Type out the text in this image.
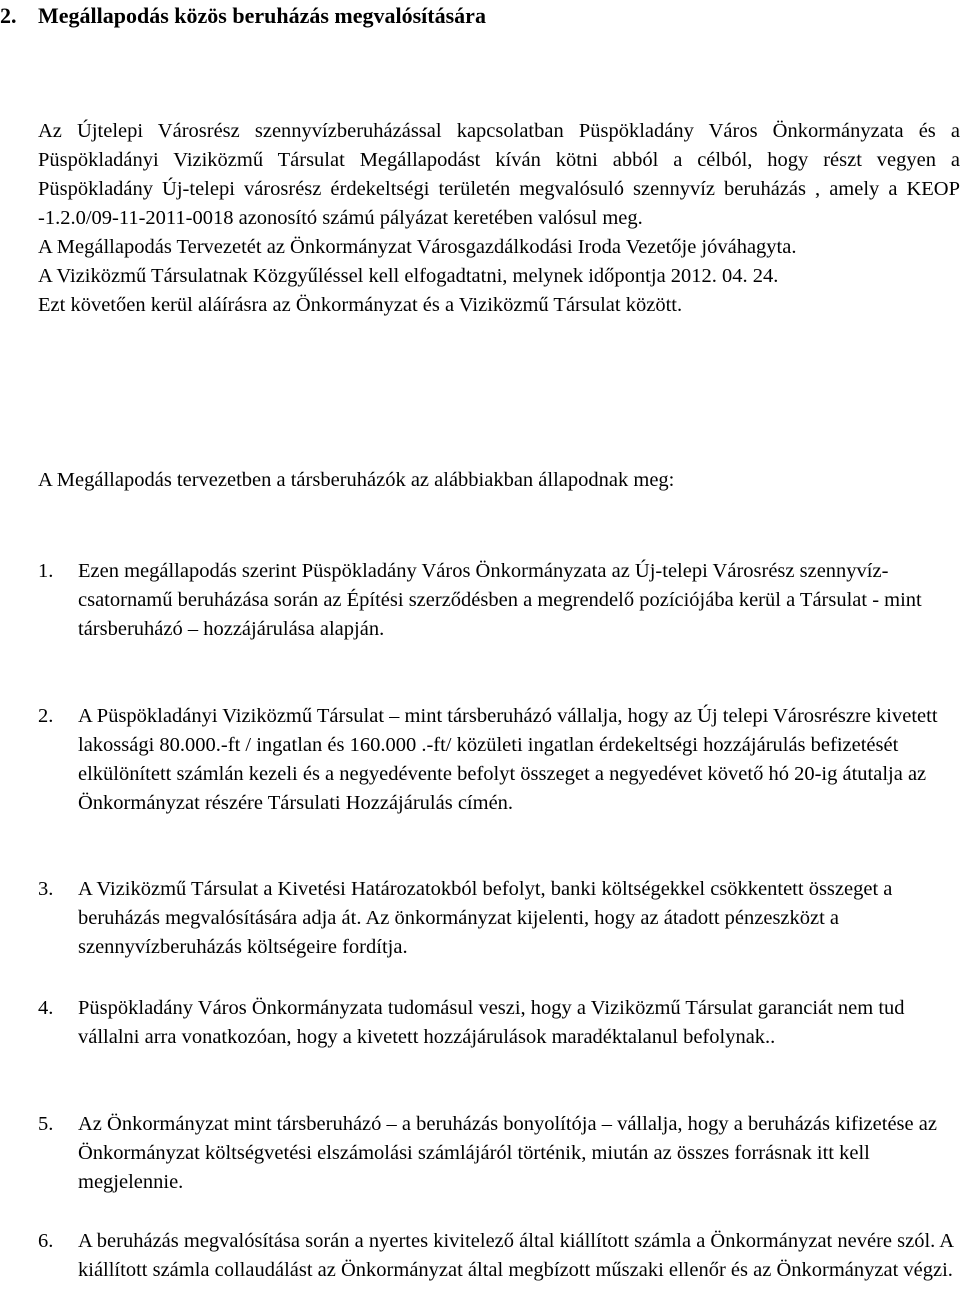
2. Megállapodás közös beruházás megvalósítására

Az Újtelepi Városrész szennyvízberuházással kapcsolatban Püspökladány Város Önkormányzata és a Püspökladányi Viziközmű Társulat Megállapodást kíván kötni abból a célból, hogy részt vegyen a Püspökladány Új-telepi városrész érdekeltségi területén megvalósuló szennyvíz beruházás , amely a KEOP -1.2.0/09-11-2011-0018 azonosító számú pályázat keretében valósul meg.

A Megállapodás Tervezetét az Önkormányzat Városgazdálkodási Iroda Vezetője jóváhagyta.

A Viziközmű Társulatnak Közgyűléssel kell elfogadtatni, melynek időpontja 2012. 04. 24.

Ezt követően kerül aláírásra az Önkormányzat és a Viziközmű Társulat között.

A Megállapodás tervezetben a társberuházók az alábbiakban állapodnak meg:
1. Ezen megállapodás szerint Püspökladány Város Önkormányzata az Új-telepi Városrész szennyvíz-csatornamű beruházása során az Építési szerződésben a megrendelő pozíciójába kerül a Társulat - mint társberuházó – hozzájárulása alapján.
2. A Püspökladányi Viziközmű Társulat – mint társberuházó vállalja, hogy az Új telepi Városrészre kivetett lakossági 80.000.-ft / ingatlan és 160.000 .-ft/ közületi ingatlan érdekeltségi hozzájárulás befizetését elkülönített számlán kezeli és a negyedévente befolyt összeget a negyedévet követő hó 20-ig átutalja az Önkormányzat részére Társulati Hozzájárulás címén.
3. A Viziközmű Társulat a Kivetési Határozatokból befolyt, banki költségekkel csökkentett összeget a beruházás megvalósítására adja át. Az önkormányzat kijelenti, hogy az átadott pénzeszközt a szennyvízberuházás költségeire fordítja.
4. Püspökladány Város Önkormányzata tudomásul veszi, hogy a Viziközmű Társulat garanciát nem tud vállalni arra vonatkozóan, hogy a kivetett hozzájárulások maradéktalanul befolynak..
5. Az Önkormányzat mint társberuházó – a beruházás bonyolítója – vállalja, hogy a beruházás kifizetése az Önkormányzat költségvetési elszámolási számlájáról történik, miután az összes forrásnak itt kell megjelennie.
6. A beruházás megvalósítása során a nyertes kivitelező által kiállított számla a Önkormányzat nevére szól. A kiállított számla collaudálást az Önkormányzat által megbízott műszaki ellenőr és az Önkormányzat végzi.
